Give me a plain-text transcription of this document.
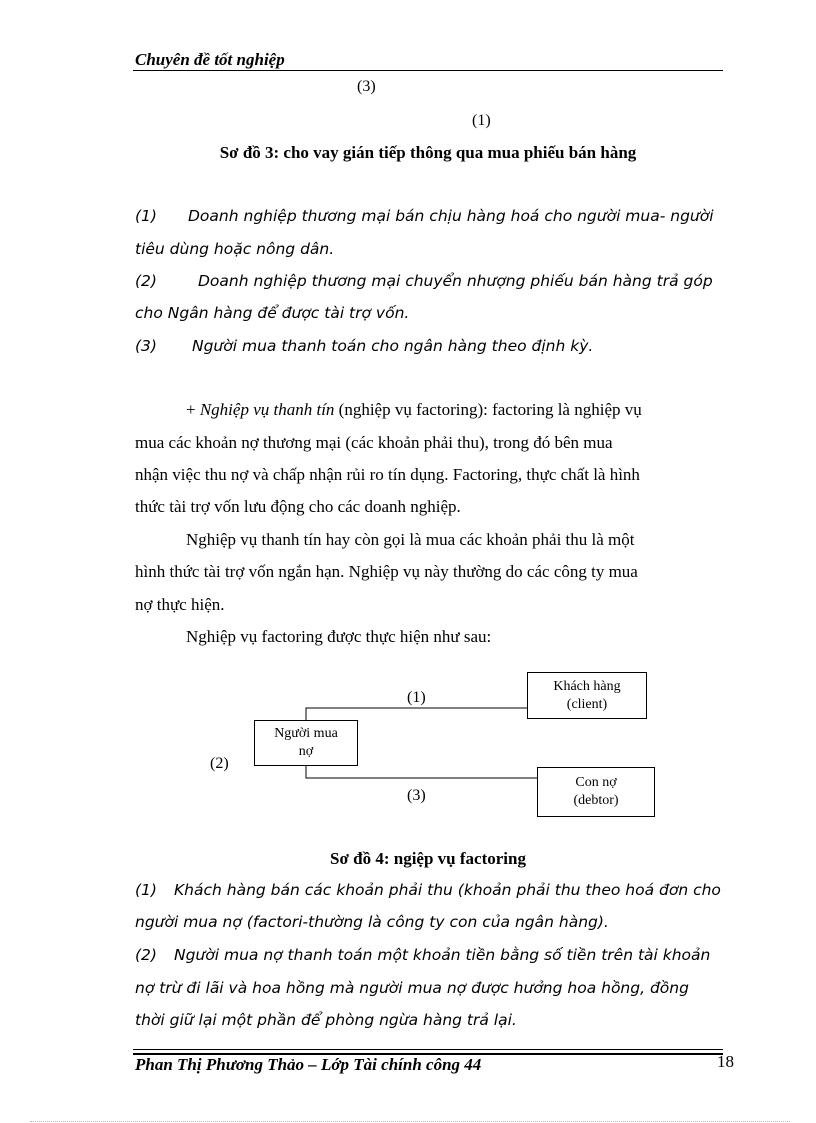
Chuyên đề tốt nghiệp
(3)
(1)
Sơ đồ 3: cho vay gián tiếp thông qua mua phiếu bán hàng
(1) Doanh nghiệp thương mại bán chịu hàng hoá cho người mua- người
tiêu dùng hoặc nông dân.
(2)	Doanh nghiệp thương mại chuyển nhượng phiếu bán hàng trả góp
cho Ngân hàng để được tài trợ vốn.
(3) Người mua thanh toán cho ngân hàng theo định kỳ.
+ Nghiệp vụ thanh tín (nghiệp vụ factoring): factoring là nghiệp vụ
mua các khoản nợ thương mại (các khoản phải thu), trong đó bên mua
nhận việc thu nợ và chấp nhận rủi ro tín dụng. Factoring, thực chất là hình
thức tài trợ vốn lưu động cho các doanh nghiệp.
Nghiệp vụ thanh tín hay còn gọi là mua các khoản phải thu là một
hình thức tài trợ vốn ngắn hạn. Nghiệp vụ này thường do các công ty mua
nợ thực hiện.
Nghiệp vụ factoring được thực hiện như sau:
Khách hàng
(client)
Người mua
nợ
Con nợ
(debtor)
(1)
(2)
(3)
Sơ đồ 4: ngiệp vụ factoring
(1) Khách hàng bán các khoản phải thu (khoản phải thu theo hoá đơn cho
người mua nợ (factori-thường là công ty con của ngân hàng).
(2) Người mua nợ thanh toán một khoản tiền bằng số tiền trên tài khoản
nợ trừ đi lãi và hoa hồng mà người mua nợ được hưởng hoa hồng, đồng
thời giữ lại một phần để phòng ngừa hàng trả lại.
Phan Thị Phương Thảo – Lớp Tài chính công 44	18
